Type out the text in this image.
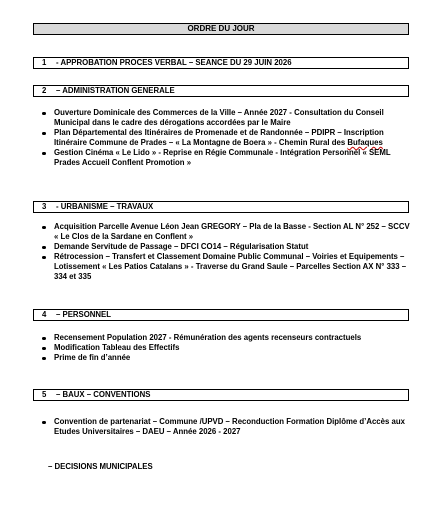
ORDRE DU JOUR
1 - APPROBATION PROCES VERBAL – SEANCE DU 29 JUIN 2026
2 – ADMINISTRATION GENERALE
Ouverture Dominicale des Commerces de la Ville – Année 2027 - Consultation du Conseil Municipal dans le cadre des dérogations accordées par le Maire
Plan Départemental des Itinéraires de Promenade et de Randonnée – PDIPR – Inscription Itinéraire Commune de Prades – « La Montagne de Boera » - Chemin Rural des Bufaques
Gestion Cinéma « Le Lido » - Reprise en Régie Communale - Intégration Personnel « SEML Prades Accueil Conflent Promotion »
3 - URBANISME – TRAVAUX
Acquisition Parcelle Avenue Léon Jean GREGORY – Pla de la Basse - Section AL N° 252 – SCCV « Le Clos de la Sardane en Conflent »
Demande Servitude de Passage – DFCI CO14 – Régularisation Statut
Rétrocession – Transfert et Classement Domaine Public Communal – Voiries et Equipements – Lotissement « Les Patios Catalans » - Traverse du Grand Saule – Parcelles Section AX N° 333 – 334 et 335
4 – PERSONNEL
Recensement Population 2027 - Rémunération des agents recenseurs contractuels
Modification Tableau des Effectifs
Prime de fin d’année
5 – BAUX – CONVENTIONS
Convention de partenariat – Commune /UPVD – Reconduction Formation Diplôme d’Accès aux Etudes Universitaires – DAEU – Année 2026 - 2027
– DECISIONS MUNICIPALES
